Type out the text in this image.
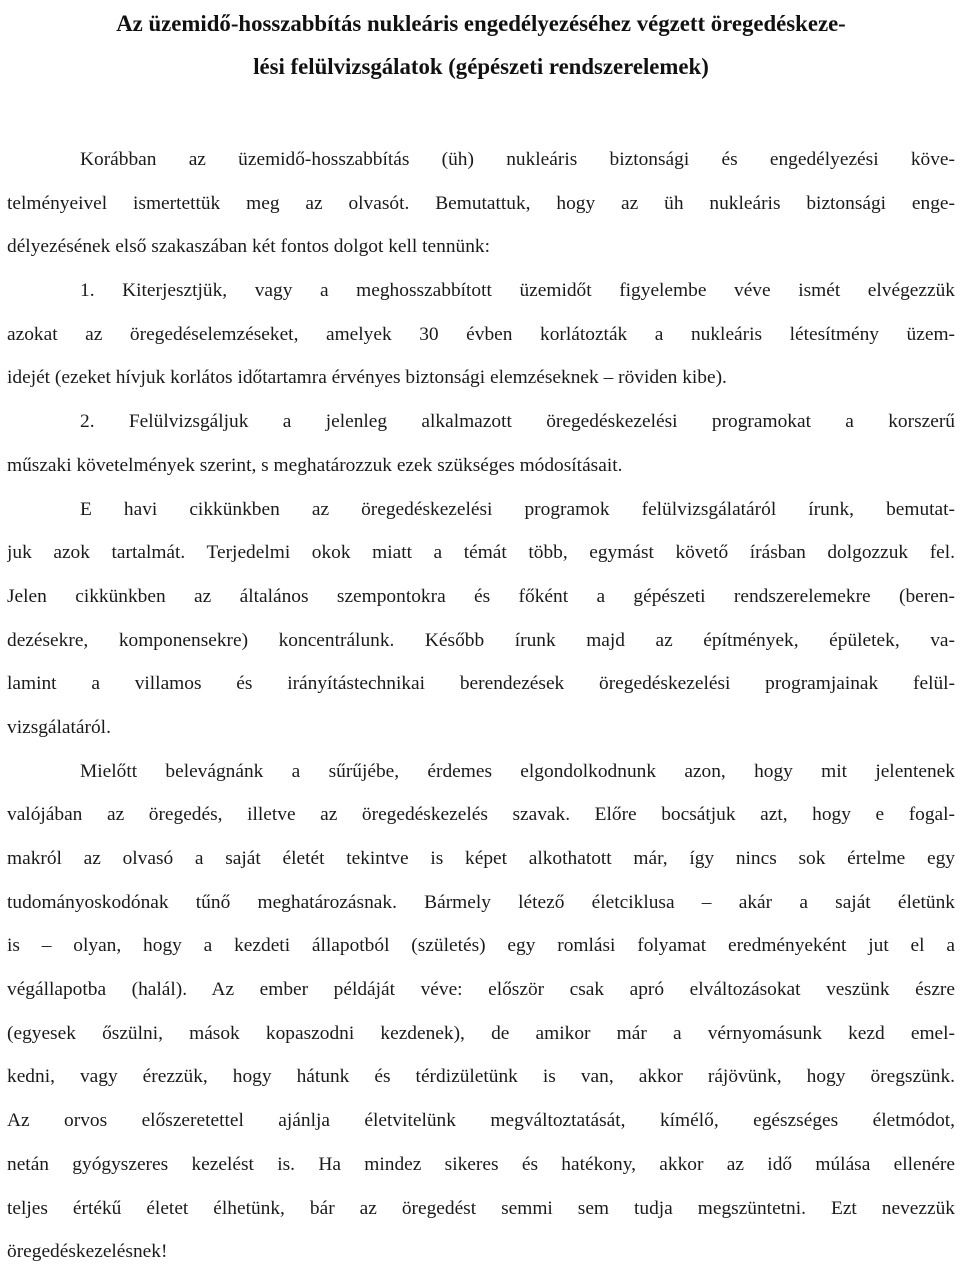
Az üzemidő-hosszabbítás nukleáris engedélyezéséhez végzett öregedéskeze-
lési felülvizsgálatok (gépészeti rendszerelemek)
Korábban az üzemidő-hosszabbítás (üh) nukleáris biztonsági és engedélyezési köve-
telményeivel ismertettük meg az olvasót. Bemutattuk, hogy az üh nukleáris biztonsági enge-
délyezésének első szakaszában két fontos dolgot kell tennünk:
1. Kiterjesztjük, vagy a meghosszabbított üzemidőt figyelembe véve ismét elvégezzük
azokat az öregedéselemzéseket, amelyek 30 évben korlátozták a nukleáris létesítmény üzem-
idejét (ezeket hívjuk korlátos időtartamra érvényes biztonsági elemzéseknek – röviden kibe).
2. Felülvizsgáljuk a jelenleg alkalmazott öregedéskezelési programokat a korszerű
műszaki követelmények szerint, s meghatározzuk ezek szükséges módosításait.
E havi cikkünkben az öregedéskezelési programok felülvizsgálatáról írunk, bemutat-
juk azok tartalmát. Terjedelmi okok miatt a témát több, egymást követő írásban dolgozzuk fel.
Jelen cikkünkben az általános szempontokra és főként a gépészeti rendszerelemekre (beren-
dezésekre, komponensekre) koncentrálunk. Később írunk majd az építmények, épületek, va-
lamint a villamos és irányítástechnikai berendezések öregedéskezelési programjainak felül-
vizsgálatáról.
Mielőtt belevágnánk a sűrűjébe, érdemes elgondolkodnunk azon, hogy mit jelentenek
valójában az öregedés, illetve az öregedéskezelés szavak. Előre bocsátjuk azt, hogy e fogal-
makról az olvasó a saját életét tekintve is képet alkothatott már, így nincs sok értelme egy
tudományoskodónak tűnő meghatározásnak. Bármely létező életciklusa – akár a saját életünk
is – olyan, hogy a kezdeti állapotból (születés) egy romlási folyamat eredményeként jut el a
végállapotba (halál). Az ember példáját véve: először csak apró elváltozásokat veszünk észre
(egyesek őszülni, mások kopaszodni kezdenek), de amikor már a vérnyomásunk kezd emel-
kedni, vagy érezzük, hogy hátunk és térdizületünk is van, akkor rájövünk, hogy öregszünk.
Az orvos előszeretettel ajánlja életvitelünk megváltoztatását, kímélő, egészséges életmódot,
netán gyógyszeres kezelést is. Ha mindez sikeres és hatékony, akkor az idő múlása ellenére
teljes értékű életet élhetünk, bár az öregedést semmi sem tudja megszüntetni. Ezt nevezzük
öregedéskezelésnek!
